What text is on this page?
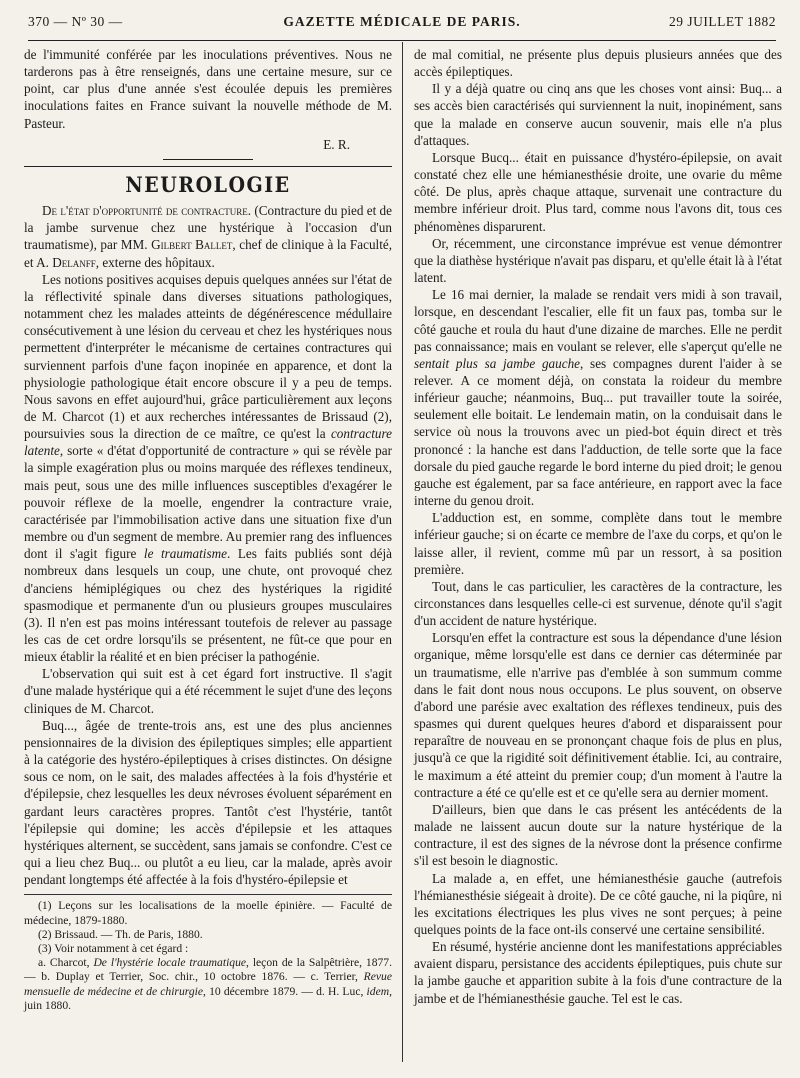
370 — Nº 30 —	GAZETTE MÉDICALE DE PARIS.	29 JUILLET 1882

de l'immunité conférée par les inoculations préventives. Nous ne tarderons pas à être renseignés, dans une certaine mesure, sur ce point, car plus d'une année s'est écoulée depuis les premières inoculations faites en France suivant la nouvelle méthode de M. Pasteur.

E. R.
NEUROLOGIE

De l'état d'opportunité de contracture. (Contracture du pied et de la jambe survenue chez une hystérique à l'occasion d'un traumatisme), par MM. Gilbert Ballet, chef de clinique à la Faculté, et A. Delanff, externe des hôpitaux.

Les notions positives acquises depuis quelques années sur l'état de la réflectivité spinale dans diverses situations pathologiques, notamment chez les malades atteints de dégénérescence médullaire consécutivement à une lésion du cerveau et chez les hystériques nous permettent d'interpréter le mécanisme de certaines contractures qui surviennent parfois d'une façon inopinée en apparence, et dont la physiologie pathologique était encore obscure il y a peu de temps. Nous savons en effet aujourd'hui, grâce particulièrement aux leçons de M. Charcot (1) et aux recherches intéressantes de Brissaud (2), poursuivies sous la direction de ce maître, ce qu'est la contracture latente, sorte « d'état d'opportunité de contracture » qui se révèle par la simple exagération plus ou moins marquée des réflexes tendineux, mais peut, sous une des mille influences susceptibles d'exagérer le pouvoir réflexe de la moelle, engendrer la contracture vraie, caractérisée par l'immobilisation active dans une situation fixe d'un membre ou d'un segment de membre. Au premier rang des influences dont il s'agit figure le traumatisme. Les faits publiés sont déjà nombreux dans lesquels un coup, une chute, ont provoqué chez d'anciens hémiplégiques ou chez des hystériques la rigidité spasmodique et permanente d'un ou plusieurs groupes musculaires (3). Il n'en est pas moins intéressant toutefois de relever au passage les cas de cet ordre lorsqu'ils se présentent, ne fût-ce que pour en mieux établir la réalité et en bien préciser la pathogénie.

L'observation qui suit est à cet égard fort instructive. Il s'agit d'une malade hystérique qui a été récemment le sujet d'une des leçons cliniques de M. Charcot.

Buq..., âgée de trente-trois ans, est une des plus anciennes pensionnaires de la division des épileptiques simples; elle appartient à la catégorie des hystéro-épileptiques à crises distinctes. On désigne sous ce nom, on le sait, des malades affectées à la fois d'hystérie et d'épilepsie, chez lesquelles les deux névroses évoluent séparément en gardant leurs caractères propres. Tantôt c'est l'hystérie, tantôt l'épilepsie qui domine; les accès d'épilepsie et les attaques hystériques alternent, se succèdent, sans jamais se confondre. C'est ce qui a lieu chez Buq... ou plutôt a eu lieu, car la malade, après avoir pendant longtemps été affectée à la fois d'hystéro-épilepsie et

(1) Leçons sur les localisations de la moelle épinière. — Faculté de médecine, 1879-1880.

(2) Brissaud. — Th. de Paris, 1880.

(3) Voir notamment à cet égard :

a. Charcot, De l'hystérie locale traumatique, leçon de la Salpêtrière, 1877. — b. Duplay et Terrier, Soc. chir., 10 octobre 1876. — c. Terrier, Revue mensuelle de médecine et de chirurgie, 10 décembre 1879. — d. H. Luc, idem, juin 1880.

de mal comitial, ne présente plus depuis plusieurs années que des accès épileptiques.

Il y a déjà quatre ou cinq ans que les choses vont ainsi: Buq... a ses accès bien caractérisés qui surviennent la nuit, inopinément, sans que la malade en conserve aucun souvenir, mais elle n'a plus d'attaques.

Lorsque Bucq... était en puissance d'hystéro-épilepsie, on avait constaté chez elle une hémianesthésie droite, une ovarie du même côté. De plus, après chaque attaque, survenait une contracture du membre inférieur droit. Plus tard, comme nous l'avons dit, tous ces phénomènes disparurent.

Or, récemment, une circonstance imprévue est venue démontrer que la diathèse hystérique n'avait pas disparu, et qu'elle était là à l'état latent.

Le 16 mai dernier, la malade se rendait vers midi à son travail, lorsque, en descendant l'escalier, elle fit un faux pas, tomba sur le côté gauche et roula du haut d'une dizaine de marches. Elle ne perdit pas connaissance; mais en voulant se relever, elle s'aperçut qu'elle ne sentait plus sa jambe gauche, ses compagnes durent l'aider à se relever. A ce moment déjà, on constata la roideur du membre inférieur gauche; néanmoins, Buq... put travailler toute la soirée, seulement elle boitait. Le lendemain matin, on la conduisait dans le service où nous la trouvons avec un pied-bot équin direct et très prononcé : la hanche est dans l'adduction, de telle sorte que la face dorsale du pied gauche regarde le bord interne du pied droit; le genou gauche est également, par sa face antérieure, en rapport avec la face interne du genou droit.

L'adduction est, en somme, complète dans tout le membre inférieur gauche; si on écarte ce membre de l'axe du corps, et qu'on le laisse aller, il revient, comme mû par un ressort, à sa position première.

Tout, dans le cas particulier, les caractères de la contracture, les circonstances dans lesquelles celle-ci est survenue, dénote qu'il s'agit d'un accident de nature hystérique.

Lorsqu'en effet la contracture est sous la dépendance d'une lésion organique, même lorsqu'elle est dans ce dernier cas déterminée par un traumatisme, elle n'arrive pas d'emblée à son summum comme dans le fait dont nous nous occupons. Le plus souvent, on observe d'abord une parésie avec exaltation des réflexes tendineux, puis des spasmes qui durent quelques heures d'abord et disparaissent pour reparaître de nouveau en se prononçant chaque fois de plus en plus, jusqu'à ce que la rigidité soit définitivement établie. Ici, au contraire, le maximum a été atteint du premier coup; d'un moment à l'autre la contracture a été ce qu'elle est et ce qu'elle sera au dernier moment.

D'ailleurs, bien que dans le cas présent les antécédents de la malade ne laissent aucun doute sur la nature hystérique de la contracture, il est des signes de la névrose dont la présence confirme s'il est besoin le diagnostic.

La malade a, en effet, une hémianesthésie gauche (autrefois l'hémianesthésie siégeait à droite). De ce côté gauche, ni la piqûre, ni les excitations électriques les plus vives ne sont perçues; à peine quelques points de la face ont-ils conservé une certaine sensibilité.

En résumé, hystérie ancienne dont les manifestations appréciables avaient disparu, persistance des accidents épileptiques, puis chute sur la jambe gauche et apparition subite à la fois d'une contracture de la jambe et de l'hémianesthésie gauche. Tel est le cas.
